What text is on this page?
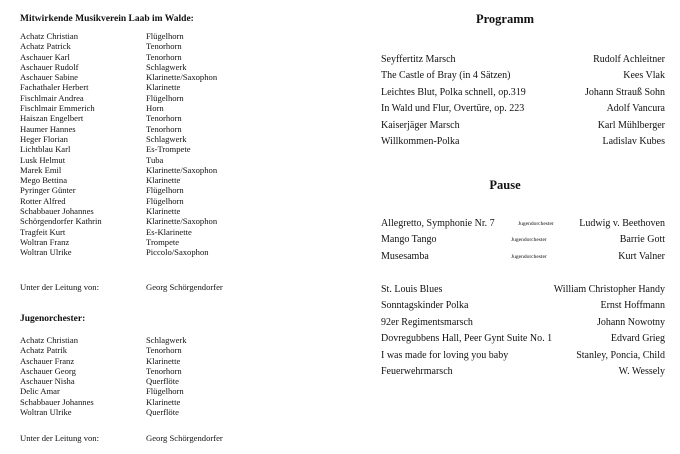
Mitwirkende Musikverein Laab im Walde:
Achatz Christian	Flügelhorn
Achatz Patrick	Tenorhorn
Aschauer Karl	Tenorhorn
Aschauer Rudolf	Schlagwerk
Aschauer Sabine	Klarinette/Saxophon
Fachathaler Herbert	Klarinette
Fischlmair Andrea	Flügelhorn
Fischlmair Emmerich	Horn
Haiszan Engelbert	Tenorhorn
Haumer Hannes	Tenorhorn
Heger Florian	Schlagwerk
Lichtblau Karl	Es-Trompete
Lusk Helmut	Tuba
Marek Emil	Klarinette/Saxophon
Mego Bettina	Klarinette
Pyringer Günter	Flügelhorn
Rotter Alfred	Flügelhorn
Schabbauer Johannes	Klarinette
Schörgendorfer Kathrin	Klarinette/Saxophon
Tragfeit Kurt	Es-Klarinette
Woltran Franz	Trompete
Woltran Ulrike	Piccolo/Saxophon
Unter der Leitung von:	Georg Schörgendorfer
Jugenorchester:
Achatz Christian	Schlagwerk
Achatz Patrik	Tenorhorn
Aschauer Franz	Klarinette
Aschauer Georg	Tenorhorn
Aschauer Nisha	Querflöte
Delic Amar	Flügelhorn
Schabbauer Johannes	Klarinette
Woltran Ulrike	Querflöte
Unter der Leitung von:	Georg Schörgendorfer
Programm
Seyffertitz Marsch	Rudolf Achleitner
The Castle of Bray (in 4 Sätzen)	Kees Vlak
Leichtes Blut, Polka schnell, op.319	Johann Strauß Sohn
In Wald und Flur, Overtüre, op. 223	Adolf Vancura
Kaiserjäger Marsch	Karl Mühlberger
Willkommen-Polka	Ladislav Kubes
Pause
Allegretto, Symphonie Nr. 7	Jugendorchester	Ludwig v. Beethoven
Mango Tango	Jugendorchester	Barrie Gott
Musesamba	Jugendorchester	Kurt Valner
St. Louis Blues	William Christopher Handy
Sonntagskinder Polka	Ernst Hoffmann
92er Regimentsmarsch	Johann Nowotny
Dovregubbens Hall, Peer Gynt Suite No. 1	Edvard Grieg
I was made for loving you baby	Stanley, Poncia, Child
Feuerwehrmarsch	W. Wessely
